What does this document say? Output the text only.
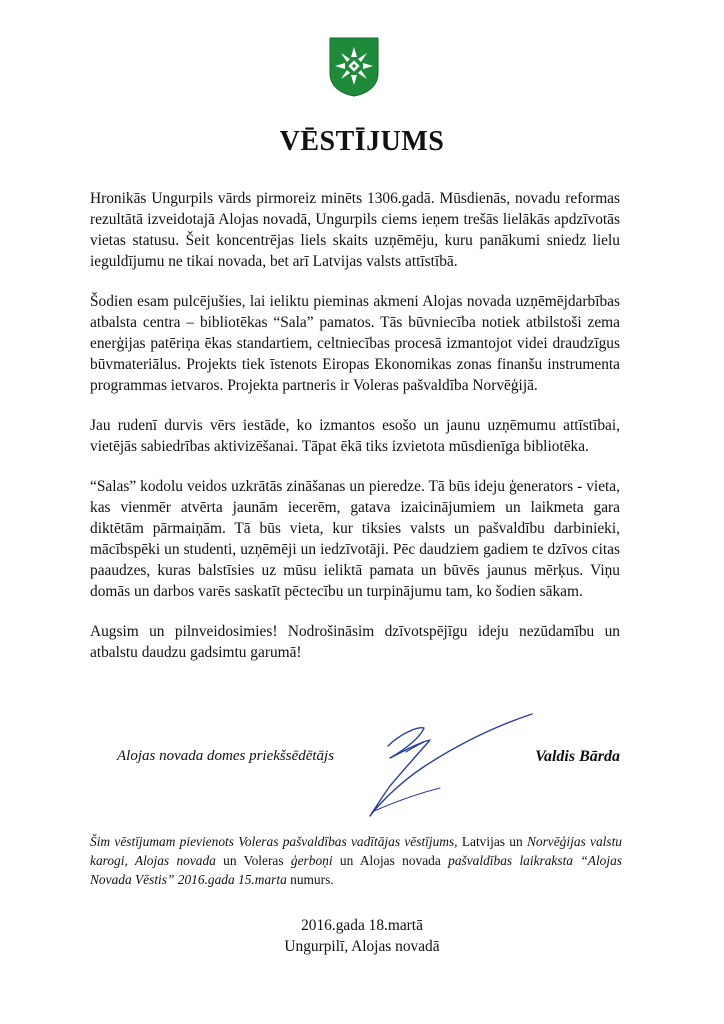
VĒSTĪJUMS

Hronikās Ungurpils vārds pirmoreiz minēts 1306.gadā. Mūsdienās, novadu reformas rezultātā izveidotajā Alojas novadā, Ungurpils ciems ieņem trešās lielākās apdzīvotās vietas statusu. Šeit koncentrējas liels skaits uzņēmēju, kuru panākumi sniedz lielu ieguldījumu ne tikai novada, bet arī Latvijas valsts attīstībā.

Šodien esam pulcējušies, lai ieliktu pieminas akmeni Alojas novada uzņēmējdarbības atbalsta centra – bibliotēkas “Sala” pamatos. Tās būvniecība notiek atbilstoši zema enerģijas patēriņa ēkas standartiem, celtniecības procesā izmantojot videi draudzīgus būvmateriālus. Projekts tiek īstenots Eiropas Ekonomikas zonas finanšu instrumenta programmas ietvaros. Projekta partneris ir Voleras pašvaldība Norvēģijā.

Jau rudenī durvis vērs iestāde, ko izmantos esošo un jaunu uzņēmumu attīstībai, vietējās sabiedrības aktivizēšanai. Tāpat ēkā tiks izvietota mūsdienīga bibliotēka.

“Salas” kodolu veidos uzkrātās zināšanas un pieredze. Tā būs ideju ģenerators - vieta, kas vienmēr atvērta jaunām iecerēm, gatava izaicinājumiem un laikmeta gara diktētām pārmaiņām. Tā būs vieta, kur tiksies valsts un pašvaldību darbinieki, mācībspēki un studenti, uzņēmēji un iedzīvotāji. Pēc daudziem gadiem te dzīvos citas paaudzes, kuras balstīsies uz mūsu ieliktā pamata un būvēs jaunus mērķus. Viņu domās un darbos varēs saskatīt pēctecību un turpinājumu tam, ko šodien sākam.

Augsim un pilnveidosimies! Nodrošināsim dzīvotspējīgu ideju nezūdamību un atbalstu daudzu gadsimtu garumā!

Alojas novada domes priekšsēdētājs	Valdis Bārda

Šim vēstījumam pievienots Voleras pašvaldības vadītājas vēstījums, Latvijas un Norvēģijas valstu karogi, Alojas novada un Voleras ģerboņi un Alojas novada pašvaldības laikraksta “Alojas Novada Vēstis” 2016.gada 15.marta numurs.

2016.gada 18.martā
Ungurpilī, Alojas novadā
